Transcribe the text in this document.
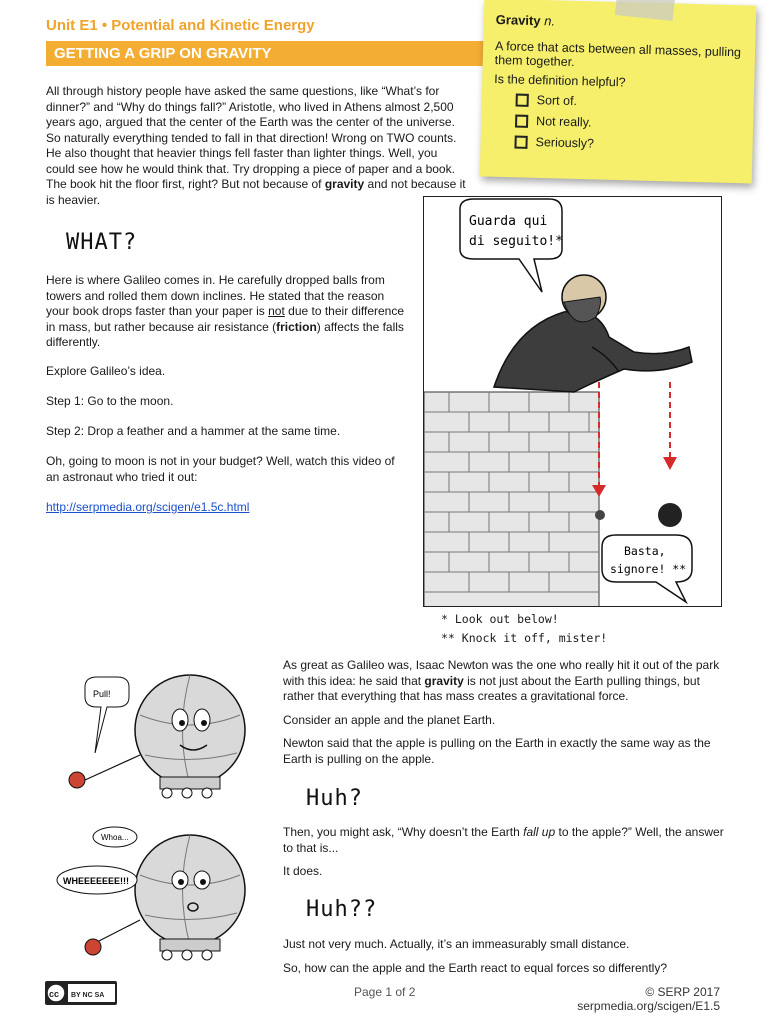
Unit E1 • Potential and Kinetic Energy
GETTING A GRIP ON GRAVITY

Gravity n.

A force that acts between all masses, pulling them together.

Is the definition helpful?

Sort of.
Not really.
Seriously?

All through history people have asked the same questions, like “What’s for dinner?” and “Why do things fall?” Aristotle, who lived in Athens almost 2,500 years ago, argued that the center of the Earth was the center of the universe. So naturally everything tended to fall in that direction! Wrong on TWO counts. He also thought that heavier things fell faster than lighter things. Well, you could see how he would think that. Try dropping a piece of paper and a book. The book hit the floor first, right? But not because of gravity and not because it is heavier.

WHAT?

Here is where Galileo comes in. He carefully dropped balls from towers and rolled them down inclines. He stated that the reason your book drops faster than your paper is not due to their difference in mass, but rather because air resistance (friction) affects the falls differently.

Explore Galileo’s idea.

Step 1: Go to the moon.

Step 2: Drop a feather and a hammer at the same time.

Oh, going to moon is not in your budget? Well, watch this video of an astronaut who tried it out:

http://serpmedia.org/scigen/e1.5c.html
Guarda qui
di seguito!*
Basta,
signore! **

* Look out below!

** Knock it off, mister!

Pull!
Whoa...
WHEEEEEEE!!!

As great as Galileo was, Isaac Newton was the one who really hit it out of the park with this idea: he said that gravity is not just about the Earth pulling things, but rather that everything that has mass creates a gravitational force.

Consider an apple and the planet Earth.

Newton said that the apple is pulling on the Earth in exactly the same way as the Earth is pulling on the apple.

Huh?

Then, you might ask, “Why doesn’t the Earth fall up to the apple?” Well, the answer to that is...

It does.

Huh??

Just not very much. Actually, it’s an immeasurably small distance.

So, how can the apple and the Earth react to equal forces so differently?

cc BY NC SA	Page 1 of 2	© SERP 2017 serpmedia.org/scigen/E1.5
